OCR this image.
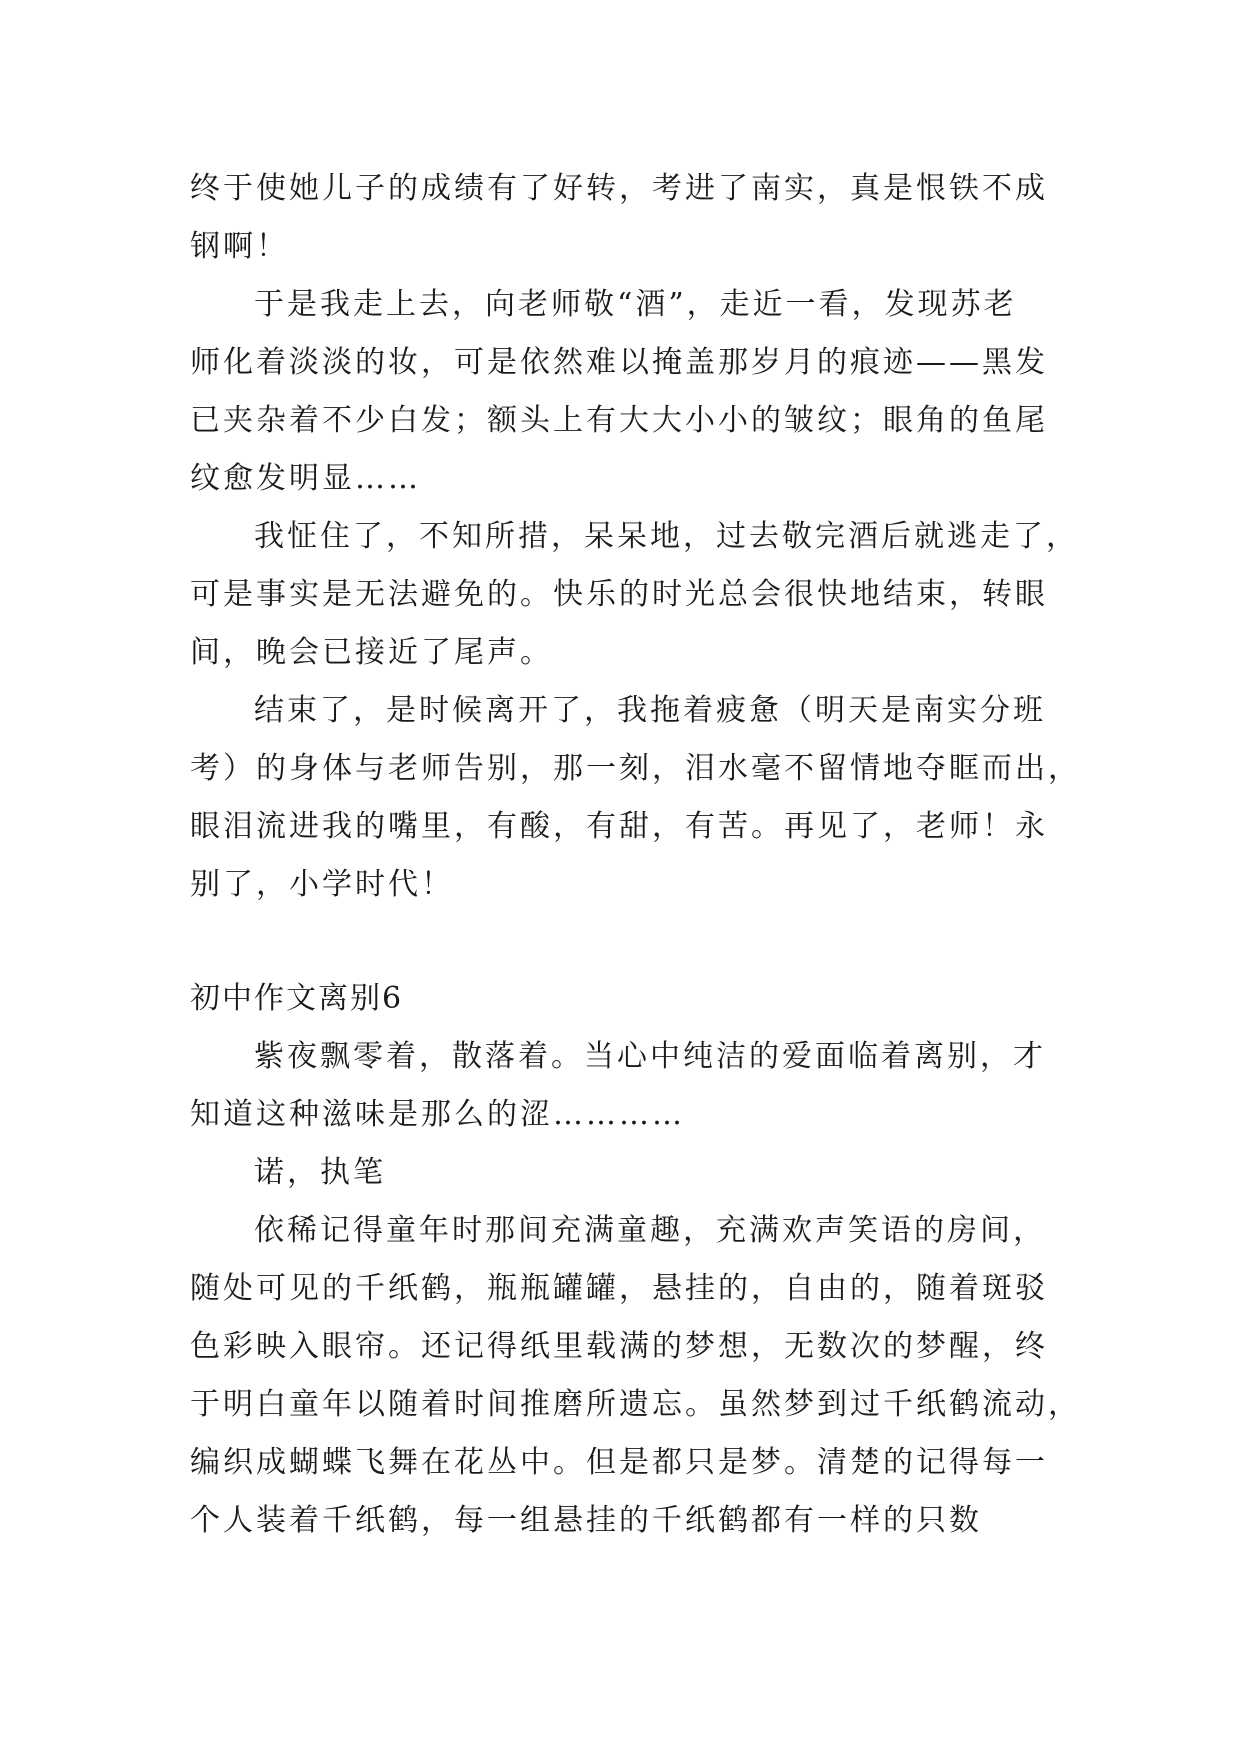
终于使她儿子的成绩有了好转，考进了南实，真是恨铁不成
钢啊！
于是我走上去，向老师敬“酒”，走近一看，发现苏老
师化着淡淡的妆，可是依然难以掩盖那岁月的痕迹——黑发
已夹杂着不少白发；额头上有大大小小的皱纹；眼角的鱼尾
纹愈发明显……
我怔住了，不知所措，呆呆地，过去敬完酒后就逃走了，
可是事实是无法避免的。快乐的时光总会很快地结束，转眼
间，晚会已接近了尾声。
结束了，是时候离开了，我拖着疲惫（明天是南实分班
考）的身体与老师告别，那一刻，泪水毫不留情地夺眶而出，
眼泪流进我的嘴里，有酸，有甜，有苦。再见了，老师！永
别了，小学时代！
初中作文离别6
紫夜飘零着，散落着。当心中纯洁的爱面临着离别，才
知道这种滋味是那么的涩…………
诺，执笔
依稀记得童年时那间充满童趣，充满欢声笑语的房间，
随处可见的千纸鹤，瓶瓶罐罐，悬挂的，自由的，随着斑驳
色彩映入眼帘。还记得纸里载满的梦想，无数次的梦醒，终
于明白童年以随着时间推磨所遗忘。虽然梦到过千纸鹤流动，
编织成蝴蝶飞舞在花丛中。但是都只是梦。清楚的记得每一
个人装着千纸鹤，每一组悬挂的千纸鹤都有一样的只数
